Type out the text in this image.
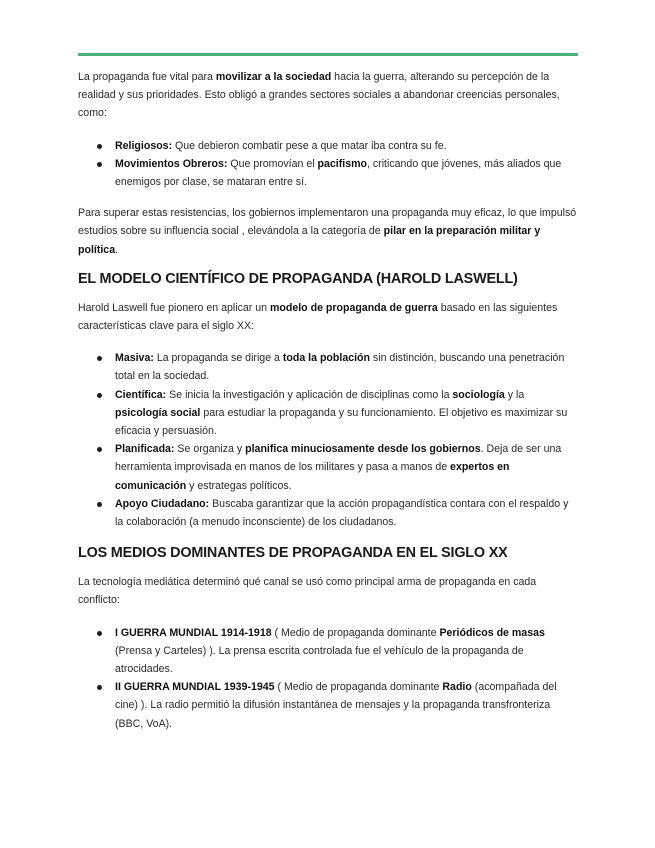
La propaganda fue vital para movilizar a la sociedad hacia la guerra, alterando su percepción de la realidad y sus prioridades. Esto obligó a grandes sectores sociales a abandonar creencias personales, como:

Religiosos: Que debieron combatir pese a que matar iba contra su fe.
Movimientos Obreros: Que promovían el pacifismo, criticando que jóvenes, más aliados que enemigos por clase, se mataran entre sí.

Para superar estas resistencias, los gobiernos implementaron una propaganda muy eficaz, lo que impulsó estudios sobre su influencia social , elevándola a la categoría de pilar en la preparación militar y política.

EL MODELO CIENTÍFICO DE PROPAGANDA (HAROLD LASWELL)

Harold Laswell fue pionero en aplicar un modelo de propaganda de guerra basado en las siguientes características clave para el siglo XX:

Masiva: La propaganda se dirige a toda la población sin distinción, buscando una penetración total en la sociedad.
Científica: Se inicia la investigación y aplicación de disciplinas como la sociología y la psicología social para estudiar la propaganda y su funcionamiento. El objetivo es maximizar su eficacia y persuasión.
Planificada: Se organiza y planifica minuciosamente desde los gobiernos. Deja de ser una herramienta improvisada en manos de los militares y pasa a manos de expertos en comunicación y estrategas políticos.
Apoyo Ciudadano: Buscaba garantizar que la acción propagandística contara con el respaldo y la colaboración (a menudo inconsciente) de los ciudadanos.
LOS MEDIOS DOMINANTES DE PROPAGANDA EN EL SIGLO XX

La tecnología mediática determinó qué canal se usó como principal arma de propaganda en cada conflicto:

I GUERRA MUNDIAL 1914-1918 ( Medio de propaganda dominante Periódicos de masas (Prensa y Carteles) ). La prensa escrita controlada fue el vehículo de la propaganda de atrocidades.
II GUERRA MUNDIAL 1939-1945 ( Medio de propaganda dominante Radio (acompañada del cine) ). La radio permitió la difusión instantánea de mensajes y la propaganda transfronteriza (BBC, VoA).
